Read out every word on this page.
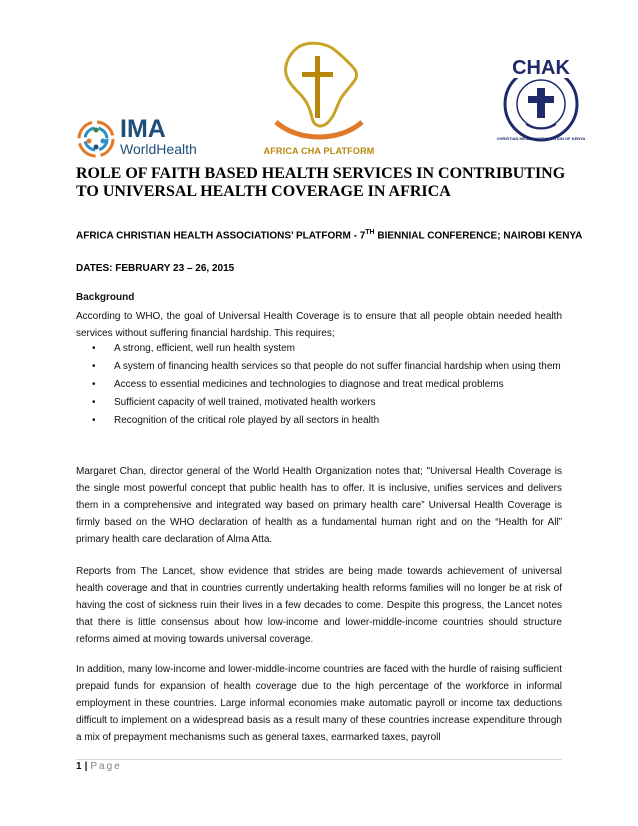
IMA
WorldHealth	AFRICA CHA PLATFORM
CHAK
CHRISTIAN HEALTH ASSOCIATION OF KENYA
ROLE OF FAITH BASED HEALTH SERVICES IN CONTRIBUTING TO UNIVERSAL HEALTH COVERAGE IN AFRICA
AFRICA CHRISTIAN HEALTH ASSOCIATIONS’ PLATFORM - 7TH BIENNIAL CONFERENCE; NAIROBI KENYA
DATES: FEBRUARY 23 – 26, 2015
Background
According to WHO, the goal of Universal Health Coverage is to ensure that all people obtain needed health services without suffering financial hardship. This requires;
• A strong, efficient, well run health system
• A system of financing health services so that people do not suffer financial hardship when using them
• Access to essential medicines and technologies to diagnose and treat medical problems
• Sufficient capacity of well trained, motivated health workers
• Recognition of the critical role played by all sectors in health
Margaret Chan, director general of the World Health Organization notes that; "Universal Health Coverage is the single most powerful concept that public health has to offer. It is inclusive, unifies services and delivers them in a comprehensive and integrated way based on primary health care” Universal Health Coverage is firmly based on the WHO declaration of health as a fundamental human right and on the “Health for All” primary health care declaration of Alma Atta.
Reports from The Lancet, show evidence that strides are being made towards achievement of universal health coverage and that in countries currently undertaking health reforms families will no longer be at risk of having the cost of sickness ruin their lives in a few decades to come. Despite this progress, the Lancet notes that there is little consensus about how low-income and lower-middle-income countries should structure reforms aimed at moving towards universal coverage.
In addition, many low-income and lower-middle-income countries are faced with the hurdle of raising sufficient prepaid funds for expansion of health coverage due to the high percentage of the workforce in informal employment in these countries. Large informal economies make automatic payroll or income tax deductions difficult to implement on a widespread basis as a result many of these countries increase expenditure through a mix of prepayment mechanisms such as general taxes, earmarked taxes, payroll
1 | Page
